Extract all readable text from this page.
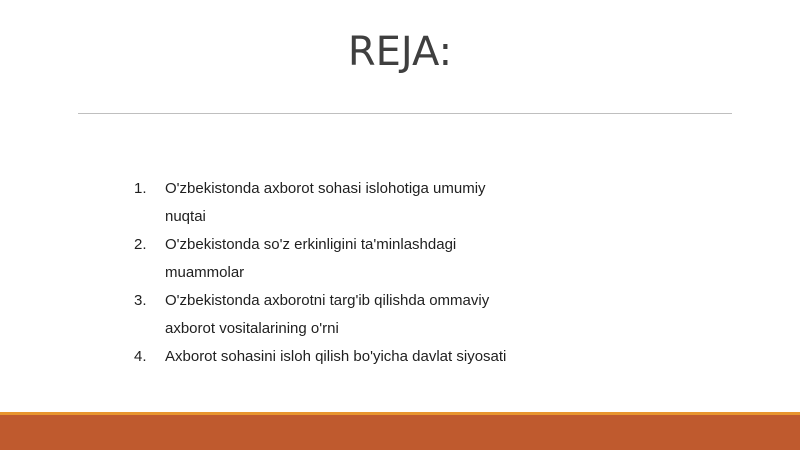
REJA:
1.	O'zbekistonda axborot sohasi islohotiga umumiy nuqtai
2.	O'zbekistonda so'z erkinligini ta'minlashdagi muammolar
3.	O'zbekistonda axborotni targ'ib qilishda ommaviy axborot vositalarining o'rni
4.	Axborot sohasini isloh qilish bo'yicha davlat siyosati
